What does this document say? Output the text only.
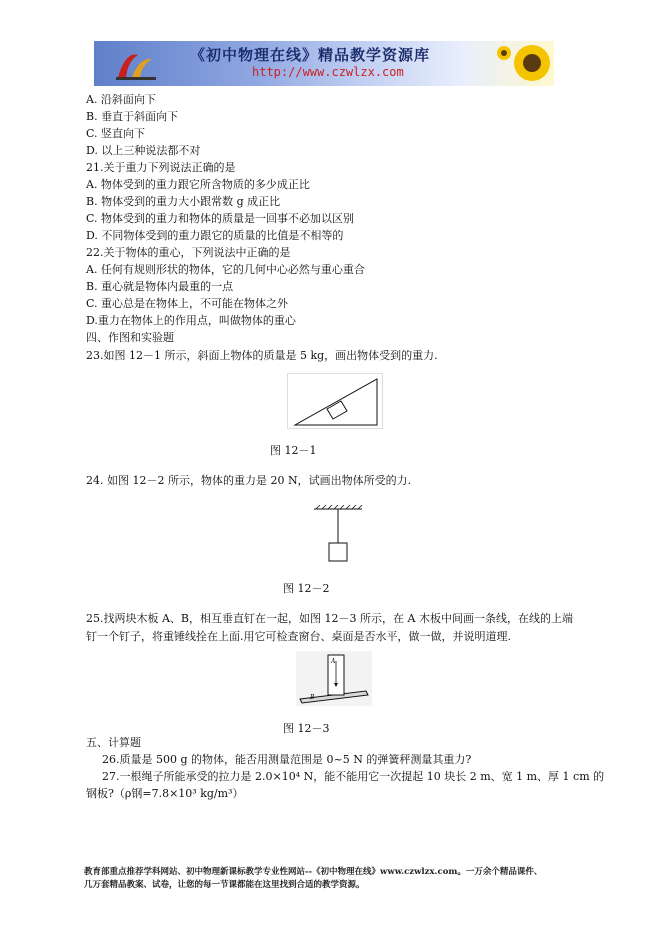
《初中物理在线》精品教学资源库
http://www.czwlzx.com
A. 沿斜面向下
B. 垂直于斜面向下
C. 竖直向下
D. 以上三种说法都不对
21.关于重力下列说法正确的是
A. 物体受到的重力跟它所含物质的多少成正比
B. 物体受到的重力大小跟常数 g 成正比
C. 物体受到的重力和物体的质量是一回事不必加以区别
D. 不同物体受到的重力跟它的质量的比值是不相等的
22.关于物体的重心，下列说法中正确的是
A. 任何有规则形状的物体，它的几何中心必然与重心重合
B. 重心就是物体内最重的一点
C. 重心总是在物体上，不可能在物体之外
D.重力在物体上的作用点，叫做物体的重心
四、作图和实验题
23.如图 12－1 所示，斜面上物体的质量是 5 kg，画出物体受到的重力.
图 12－1
24. 如图 12－2 所示，物体的重力是 20 N，试画出物体所受的力.
图 12－2
25.找两块木板 A、B，相互垂直钉在一起，如图 12－3 所示，在 A 木板中间画一条线，在线的上端
钉一个钉子，将重锤线拴在上面.用它可检查窗台、桌面是否水平，做一做，并说明道理.
A
B
图 12－3
五、计算题
26.质量是 500 g 的物体，能否用测量范围是 0~5 N 的弹簧秤测量其重力?
27.一根绳子所能承受的拉力是 2.0×10⁴ N，能不能用它一次提起 10 块长 2 m、宽 1 m、厚 1 cm 的
钢板?（ρ钢=7.8×10³ kg/m³）
教育部重点推荐学科网站、初中物理新课标教学专业性网站--《初中物理在线》www.czwlzx.com。一万余个精品课件、
几万套精品教案、试卷，让您的每一节课都能在这里找到合适的教学资源。
